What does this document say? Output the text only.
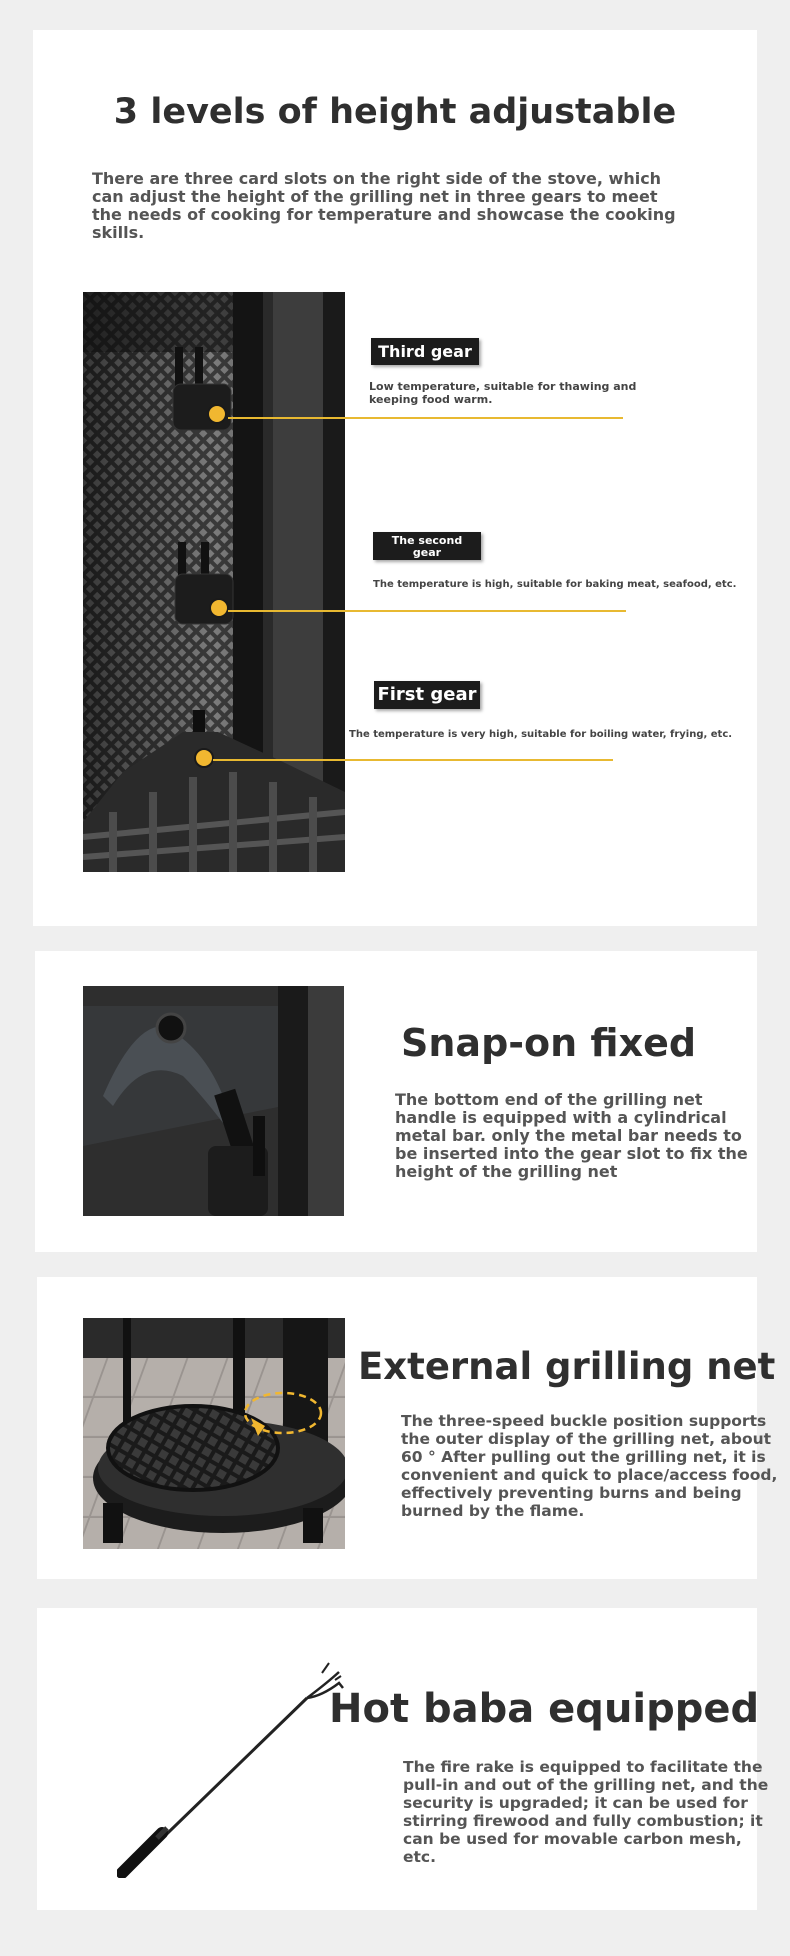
3 levels of height adjustable
There are three card slots on the right side of the stove, which can adjust the height of the grilling net in three gears to meet the needs of cooking for temperature and showcase the cooking skills.
Third gear
Low temperature, suitable for thawing and keeping food warm.
The second gear
The temperature is high, suitable for baking meat, seafood, etc.
First gear
The temperature is very high, suitable for boiling water, frying, etc.
Snap-on fixed
The bottom end of the grilling net handle is equipped with a cylindrical metal bar. only the metal bar needs to be inserted into the gear slot to fix the height of the grilling net
External grilling net
The three-speed buckle position supports the outer display of the grilling net, about 60 ° After pulling out the grilling net, it is convenient and quick to place/access food, effectively preventing burns and being burned by the flame.
Hot baba equipped
The fire rake is equipped to facilitate the pull-in and out of the grilling net, and the security is upgraded; it can be used for stirring firewood and fully combustion; it can be used for movable carbon mesh, etc.
